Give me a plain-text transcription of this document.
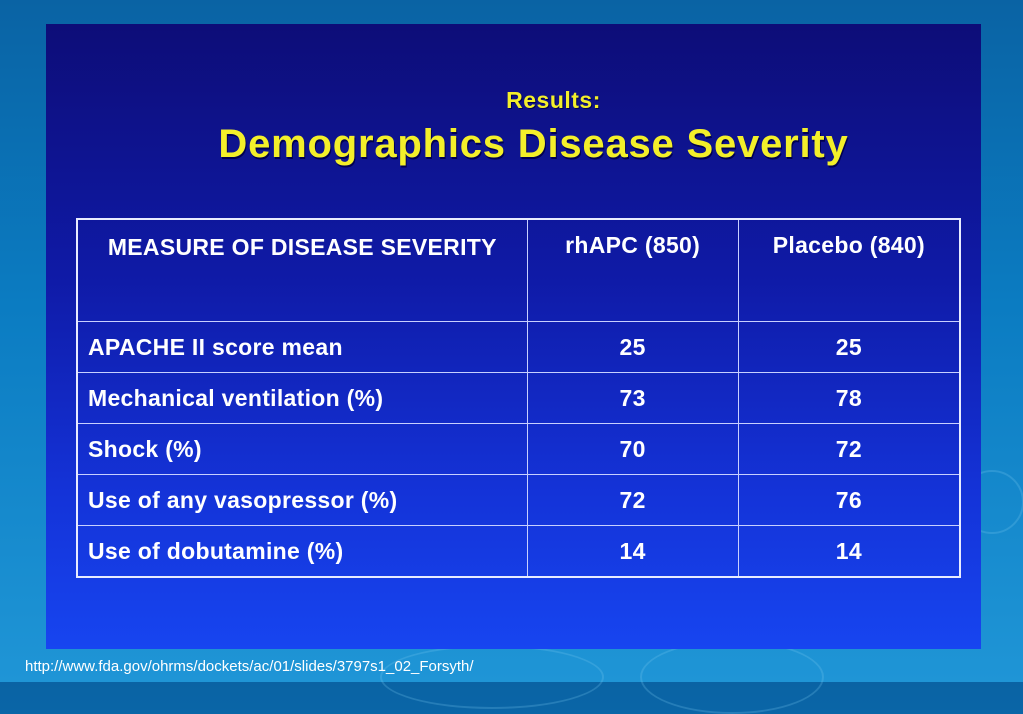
Results:
Demographics Disease Severity
MEASURE OF DISEASE SEVERITY	rhAPC (850)	Placebo (840)
APACHE II score mean	25	25
Mechanical ventilation (%)	73	78
Shock (%)	70	72
Use of any vasopressor (%)	72	76
Use of dobutamine (%)	14	14
http://www.fda.gov/ohrms/dockets/ac/01/slides/3797s1_02_Forsyth/
